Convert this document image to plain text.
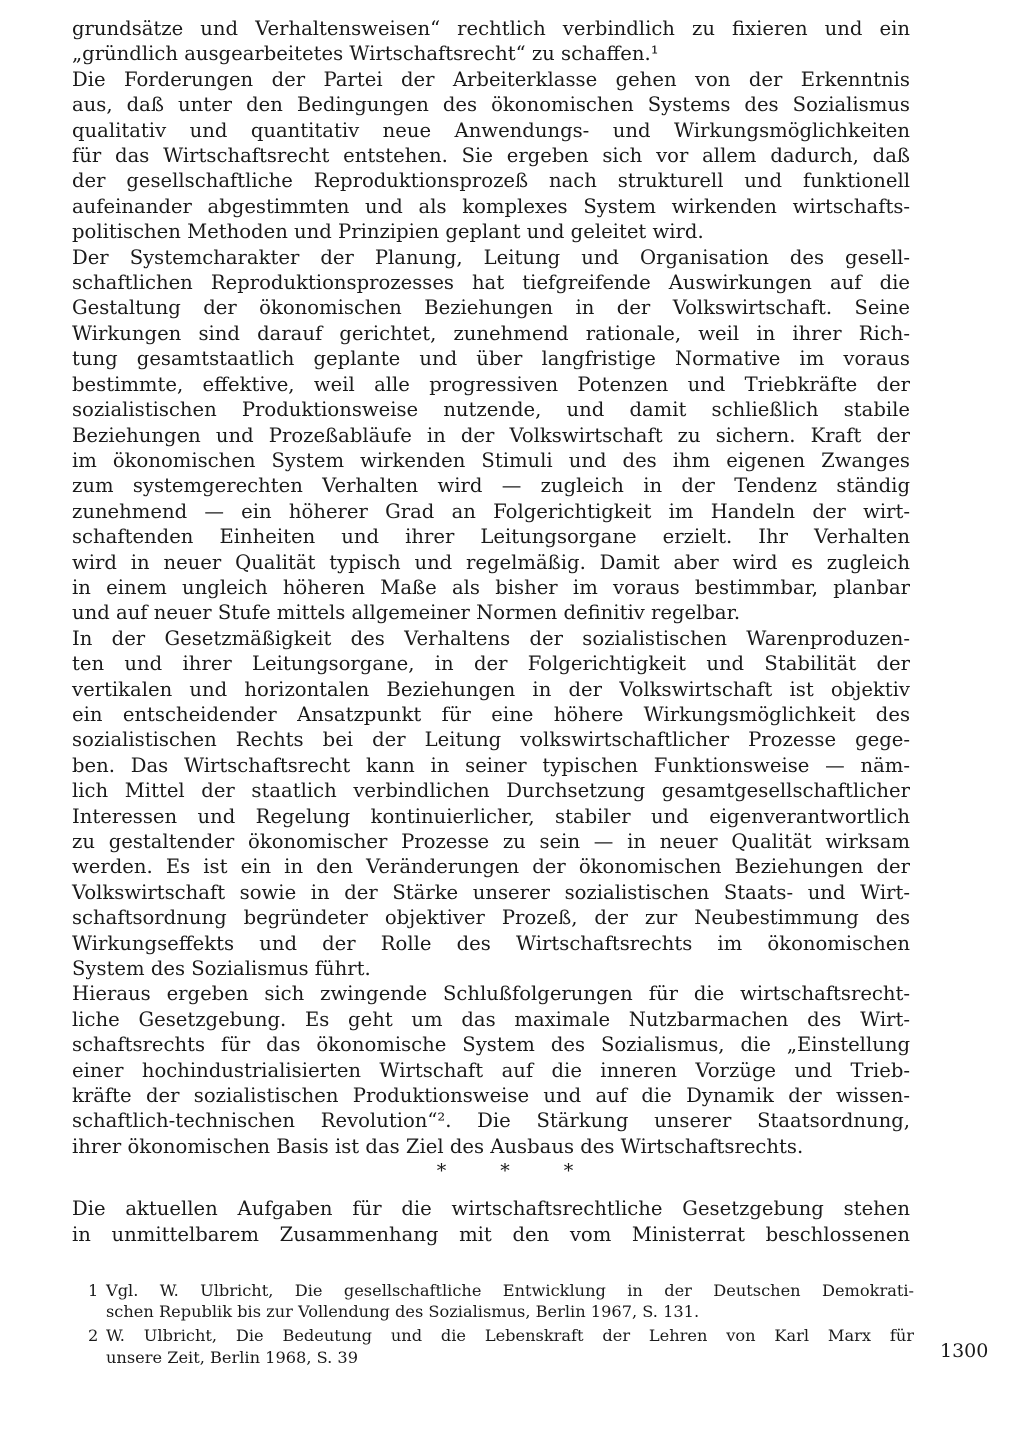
grundsätze und Verhaltensweisen“ rechtlich verbindlich zu fixieren und ein
„gründlich ausgearbeitetes Wirtschaftsrecht“ zu schaffen.¹

Die Forderungen der Partei der Arbeiterklasse gehen von der Erkenntnis
aus, daß unter den Bedingungen des ökonomischen Systems des Sozialismus
qualitativ und quantitativ neue Anwendungs- und Wirkungsmöglichkeiten
für das Wirtschaftsrecht entstehen. Sie ergeben sich vor allem dadurch, daß
der gesellschaftliche Reproduktionsprozeß nach strukturell und funktionell
aufeinander abgestimmten und als komplexes System wirkenden wirtschafts-
politischen Methoden und Prinzipien geplant und geleitet wird.

Der Systemcharakter der Planung, Leitung und Organisation des gesell-
schaftlichen Reproduktionsprozesses hat tiefgreifende Auswirkungen auf die
Gestaltung der ökonomischen Beziehungen in der Volkswirtschaft. Seine
Wirkungen sind darauf gerichtet, zunehmend rationale, weil in ihrer Rich-
tung gesamtstaatlich geplante und über langfristige Normative im voraus
bestimmte, effektive, weil alle progressiven Potenzen und Triebkräfte der
sozialistischen Produktionsweise nutzende, und damit schließlich stabile
Beziehungen und Prozeßabläufe in der Volkswirtschaft zu sichern. Kraft der
im ökonomischen System wirkenden Stimuli und des ihm eigenen Zwanges
zum systemgerechten Verhalten wird — zugleich in der Tendenz ständig
zunehmend — ein höherer Grad an Folgerichtigkeit im Handeln der wirt-
schaftenden Einheiten und ihrer Leitungsorgane erzielt. Ihr Verhalten
wird in neuer Qualität typisch und regelmäßig. Damit aber wird es zugleich
in einem ungleich höheren Maße als bisher im voraus bestimmbar, planbar
und auf neuer Stufe mittels allgemeiner Normen definitiv regelbar.

In der Gesetzmäßigkeit des Verhaltens der sozialistischen Warenproduzen-
ten und ihrer Leitungsorgane, in der Folgerichtigkeit und Stabilität der
vertikalen und horizontalen Beziehungen in der Volkswirtschaft ist objektiv
ein entscheidender Ansatzpunkt für eine höhere Wirkungsmöglichkeit des
sozialistischen Rechts bei der Leitung volkswirtschaftlicher Prozesse gege-
ben. Das Wirtschaftsrecht kann in seiner typischen Funktionsweise — näm-
lich Mittel der staatlich verbindlichen Durchsetzung gesamtgesellschaftlicher
Interessen und Regelung kontinuierlicher, stabiler und eigenverantwortlich
zu gestaltender ökonomischer Prozesse zu sein — in neuer Qualität wirksam
werden. Es ist ein in den Veränderungen der ökonomischen Beziehungen der
Volkswirtschaft sowie in der Stärke unserer sozialistischen Staats- und Wirt-
schaftsordnung begründeter objektiver Prozeß, der zur Neubestimmung des
Wirkungseffekts und der Rolle des Wirtschaftsrechts im ökonomischen
System des Sozialismus führt.

Hieraus ergeben sich zwingende Schlußfolgerungen für die wirtschaftsrecht-
liche Gesetzgebung. Es geht um das maximale Nutzbarmachen des Wirt-
schaftsrechts für das ökonomische System des Sozialismus, die „Einstellung
einer hochindustrialisierten Wirtschaft auf die inneren Vorzüge und Trieb-
kräfte der sozialistischen Produktionsweise und auf die Dynamik der wissen-
schaftlich-technischen Revolution“². Die Stärkung unserer Staatsordnung,
ihrer ökonomischen Basis ist das Ziel des Ausbaus des Wirtschaftsrechts.

* * *
Die aktuellen Aufgaben für die wirtschaftsrechtliche Gesetzgebung stehen
in unmittelbarem Zusammenhang mit den vom Ministerrat beschlossenen
1 Vgl. W. Ulbricht, Die gesellschaftliche Entwicklung in der Deutschen Demokrati-
schen Republik bis zur Vollendung des Sozialismus, Berlin 1967, S. 131.
2 W. Ulbricht, Die Bedeutung und die Lebenskraft der Lehren von Karl Marx für
unsere Zeit, Berlin 1968, S. 39	1300
